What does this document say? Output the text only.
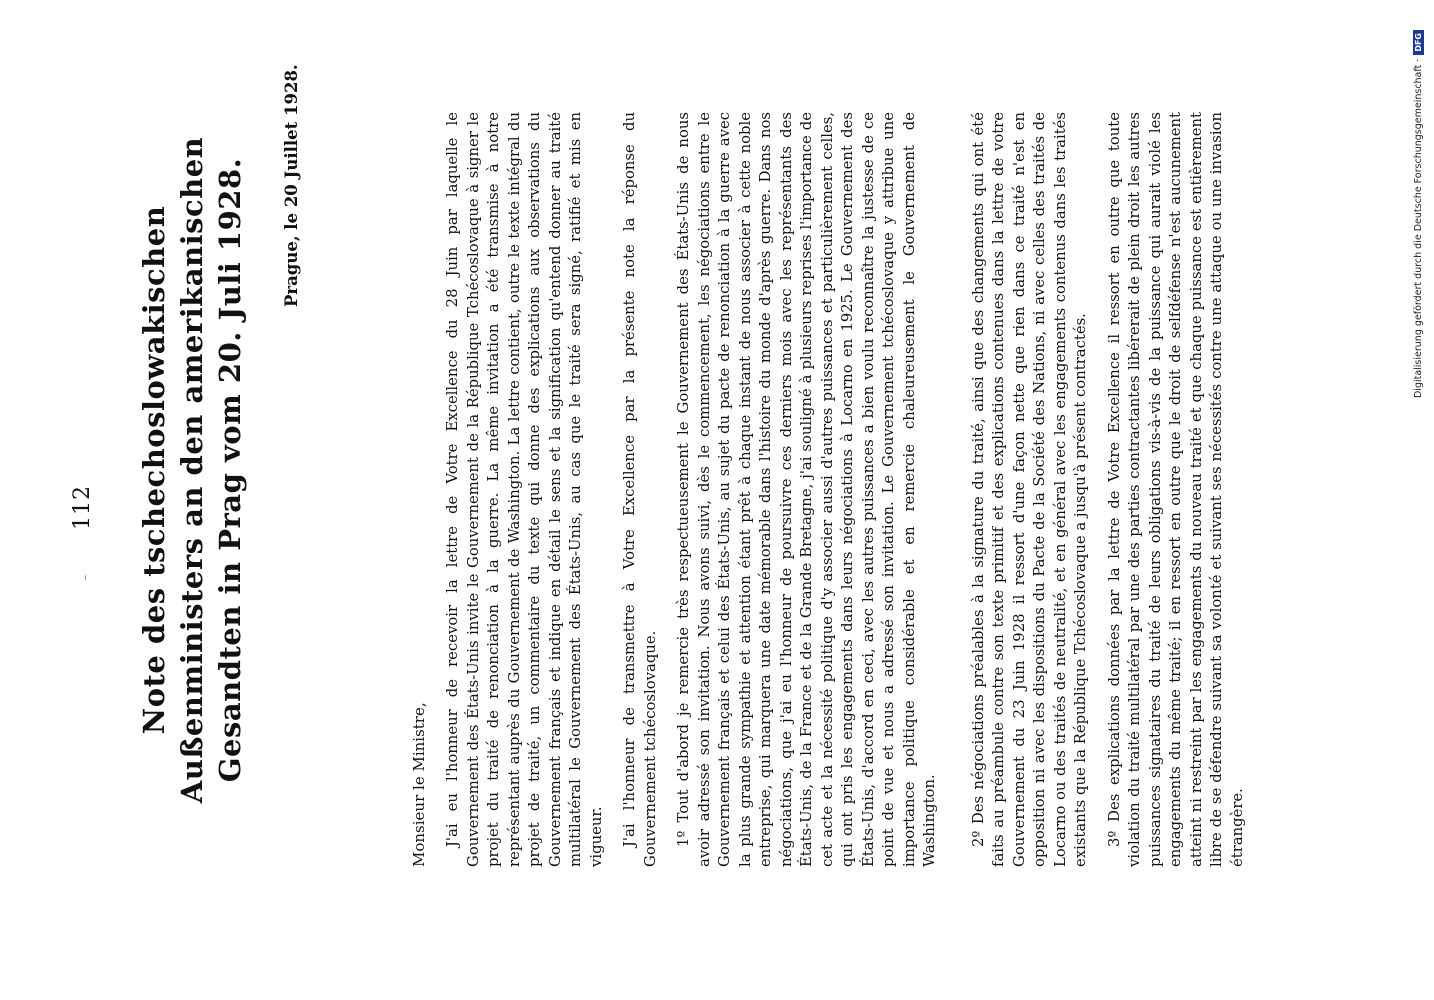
–
112 Note des tschechoslowakischen Außenministers an den amerikanischen Gesandten in Prag vom 20. Juli 1928. Prague, le 20 Juillet 1928.
Monsieur le Ministre, J'ai eu l'honneur de recevoir la lettre de Votre Excellence du 28 Juin par laquelle le Gouvernement des États-Unis invite le Gouvernement de la République Tchécoslovaque à signer le projet du traité de renonciation à la guerre. La même invitation a été transmise à notre représentant auprès du Gouvernement de Washington. La lettre contient, outre le texte intégral du projet de traité, un commentaire du texte qui donne des explications aux observations du Gouvernement français et indique en détail le sens et la signification qu'entend donner au traité multilatéral le Gouvernement des États-Unis, au cas que le traité sera signé, ratifié et mis en vigueur. J'ai l'honneur de transmettre à Votre Excellence par la présente note la réponse du Gouvernement tchécoslovaque. 1º Tout d'abord je remercie très respectueusement le Gouvernement des États-Unis de nous avoir adressé son invitation. Nous avons suivi, dès le commencement, les négociations entre le Gouvernement français et celui des États-Unis, au sujet du pacte de renonciation à la guerre avec la plus grande sympathie et attention étant prêt à chaque instant de nous associer à cette noble entreprise, qui marquera une date mémorable dans l'histoire du monde d'après guerre. Dans nos négociations, que j'ai eu l'honneur de poursuivre ces derniers mois avec les représentants des États-Unis, de la France et de la Grande Bretagne, j'ai souligné à plusieurs reprises l'importance de cet acte et la nécessité politique d'y associer aussi d'autres puissances et particulièrement celles, qui ont pris les engagements dans leurs négociations à Locarno en 1925. Le Gouvernement des États-Unis, d'accord en ceci, avec les autres puissances a bien voulu reconnaître la justesse de ce point de vue et nous a adressé son invitation. Le Gouvernement tchécoslovaque y attribue une importance politique considérable et en remercie chaleureusement le Gouvernement de Washington. 2º Des négociations préalables à la signature du traité, ainsi que des changements qui ont été faits au préambule contre son texte primitif et des explications contenues dans la lettre de votre Gouvernement du 23 Juin 1928 il ressort d'une façon nette que rien dans ce traité n'est en opposition ni avec les dispositions du Pacte de la Société des Nations, ni avec celles des traités de Locarno ou des traités de neutralité, et en général avec les engagements contenus dans les traités existants que la République Tchécoslovaque a jusqu'à présent contractés. 3º Des explications données par la lettre de Votre Excellence il ressort en outre que toute violation du traité multilatéral par une des parties contractantes libérerait de plein droit les autres puissances signataires du traité de leurs obligations vis-à-vis de la puissance qui aurait violé les engagements du même traité; il en ressort en outre que le droit de selfdéfense n'est aucunement atteint ni restreint par les engagements du nouveau traité et que chaque puissance est entièrement libre de se défendre suivant sa volonté et suivant ses nécessités contre une attaque ou une invasion étrangère.

Digitalisierung gefördert durch die Deutsche Forschungsgemeinschaft ·DFG
